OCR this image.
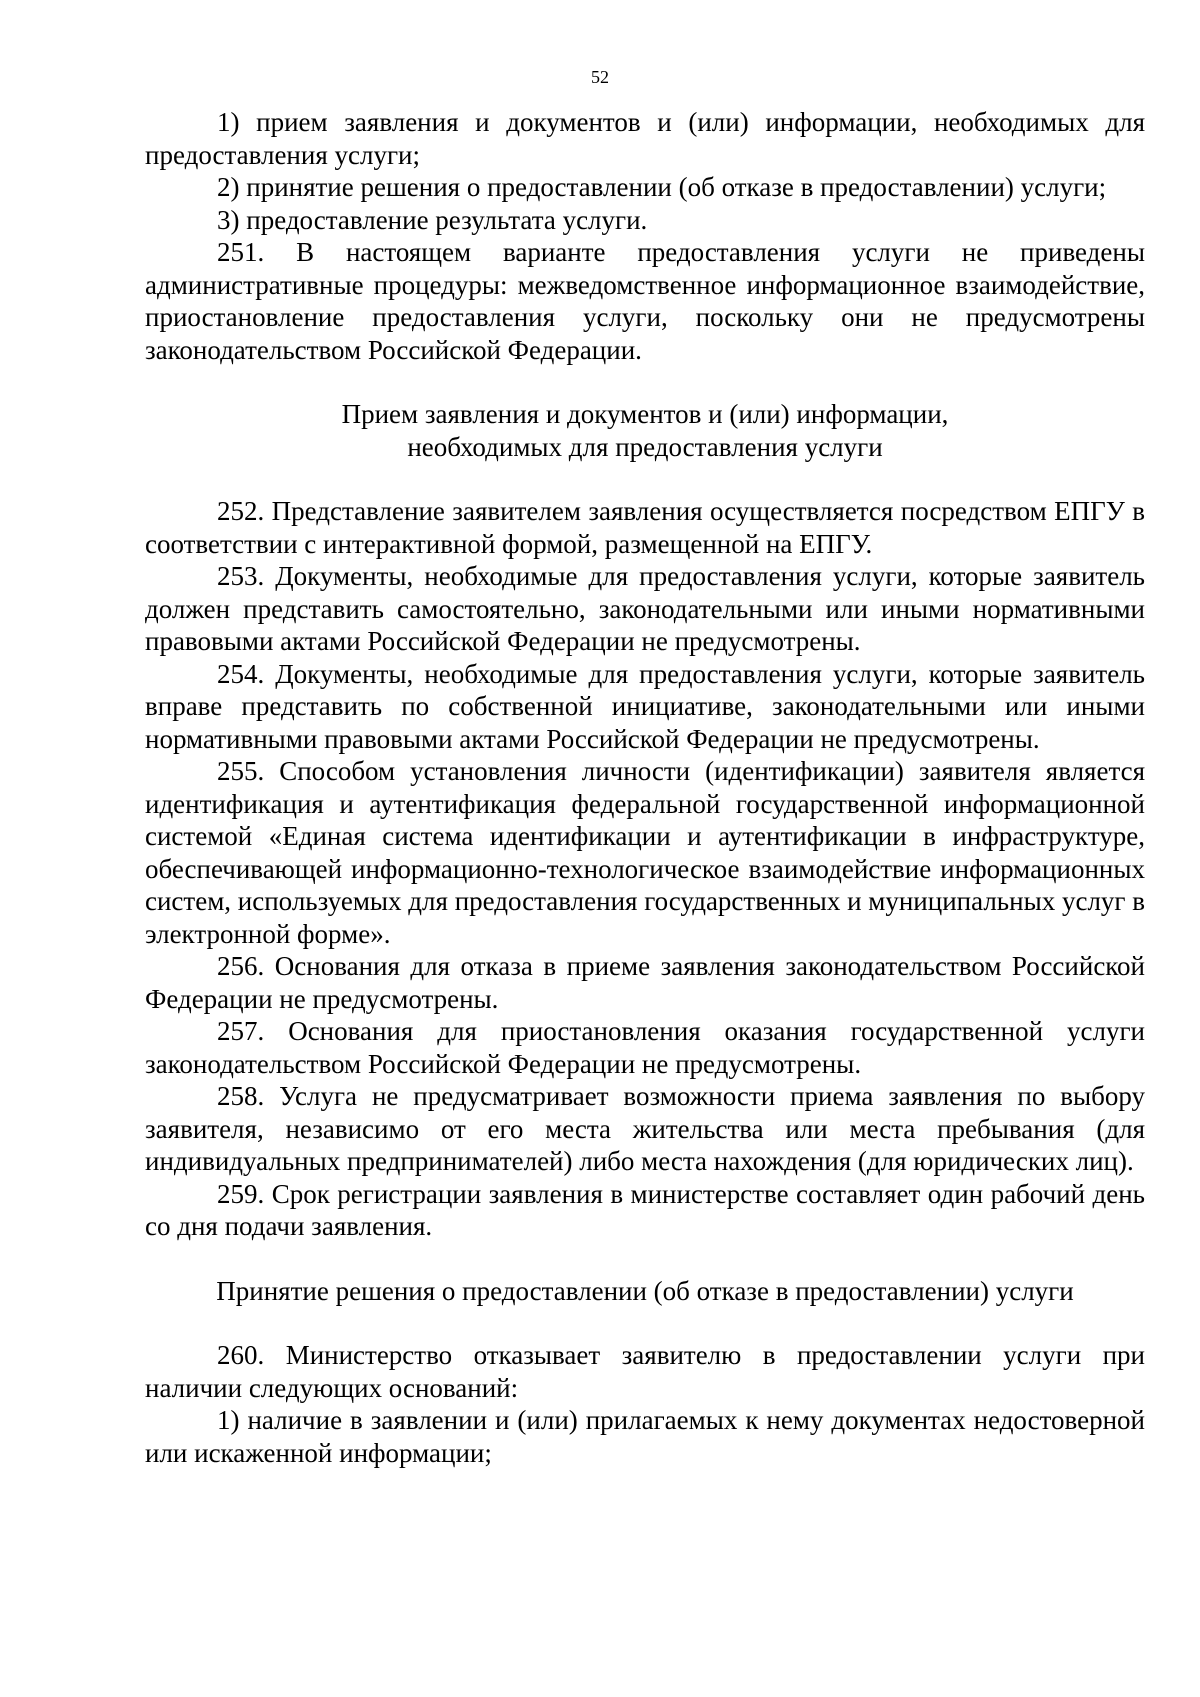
52

1) прием заявления и документов и (или) информации, необходимых для предоставления услуги;

2) принятие решения о предоставлении (об отказе в предоставлении) услуги;

3) предоставление результата услуги.

251. В настоящем варианте предоставления услуги не приведены административные процедуры: межведомственное информационное взаимодействие, приостановление предоставления услуги, поскольку они не предусмотрены законодательством Российской Федерации.

Прием заявления и документов и (или) информации,
необходимых для предоставления услуги

252. Представление заявителем заявления осуществляется посредством ЕПГУ в соответствии с интерактивной формой, размещенной на ЕПГУ.

253. Документы, необходимые для предоставления услуги, которые заявитель должен представить самостоятельно, законодательными или иными нормативными правовыми актами Российской Федерации не предусмотрены.

254. Документы, необходимые для предоставления услуги, которые заявитель вправе представить по собственной инициативе, законодательными или иными нормативными правовыми актами Российской Федерации не предусмотрены.

255. Способом установления личности (идентификации) заявителя является идентификация и аутентификация федеральной государственной информационной системой «Единая система идентификации и аутентификации в инфраструктуре, обеспечивающей информационно-технологическое взаимодействие информационных систем, используемых для предоставления государственных и муниципальных услуг в электронной форме».

256. Основания для отказа в приеме заявления законодательством Российской Федерации не предусмотрены.

257. Основания для приостановления оказания государственной услуги законодательством Российской Федерации не предусмотрены.

258. Услуга не предусматривает возможности приема заявления по выбору заявителя, независимо от его места жительства или места пребывания (для индивидуальных предпринимателей) либо места нахождения (для юридических лиц).

259. Срок регистрации заявления в министерстве составляет один рабочий день со дня подачи заявления.

Принятие решения о предоставлении (об отказе в предоставлении) услуги

260. Министерство отказывает заявителю в предоставлении услуги при наличии следующих оснований:

1) наличие в заявлении и (или) прилагаемых к нему документах недостоверной или искаженной информации;
